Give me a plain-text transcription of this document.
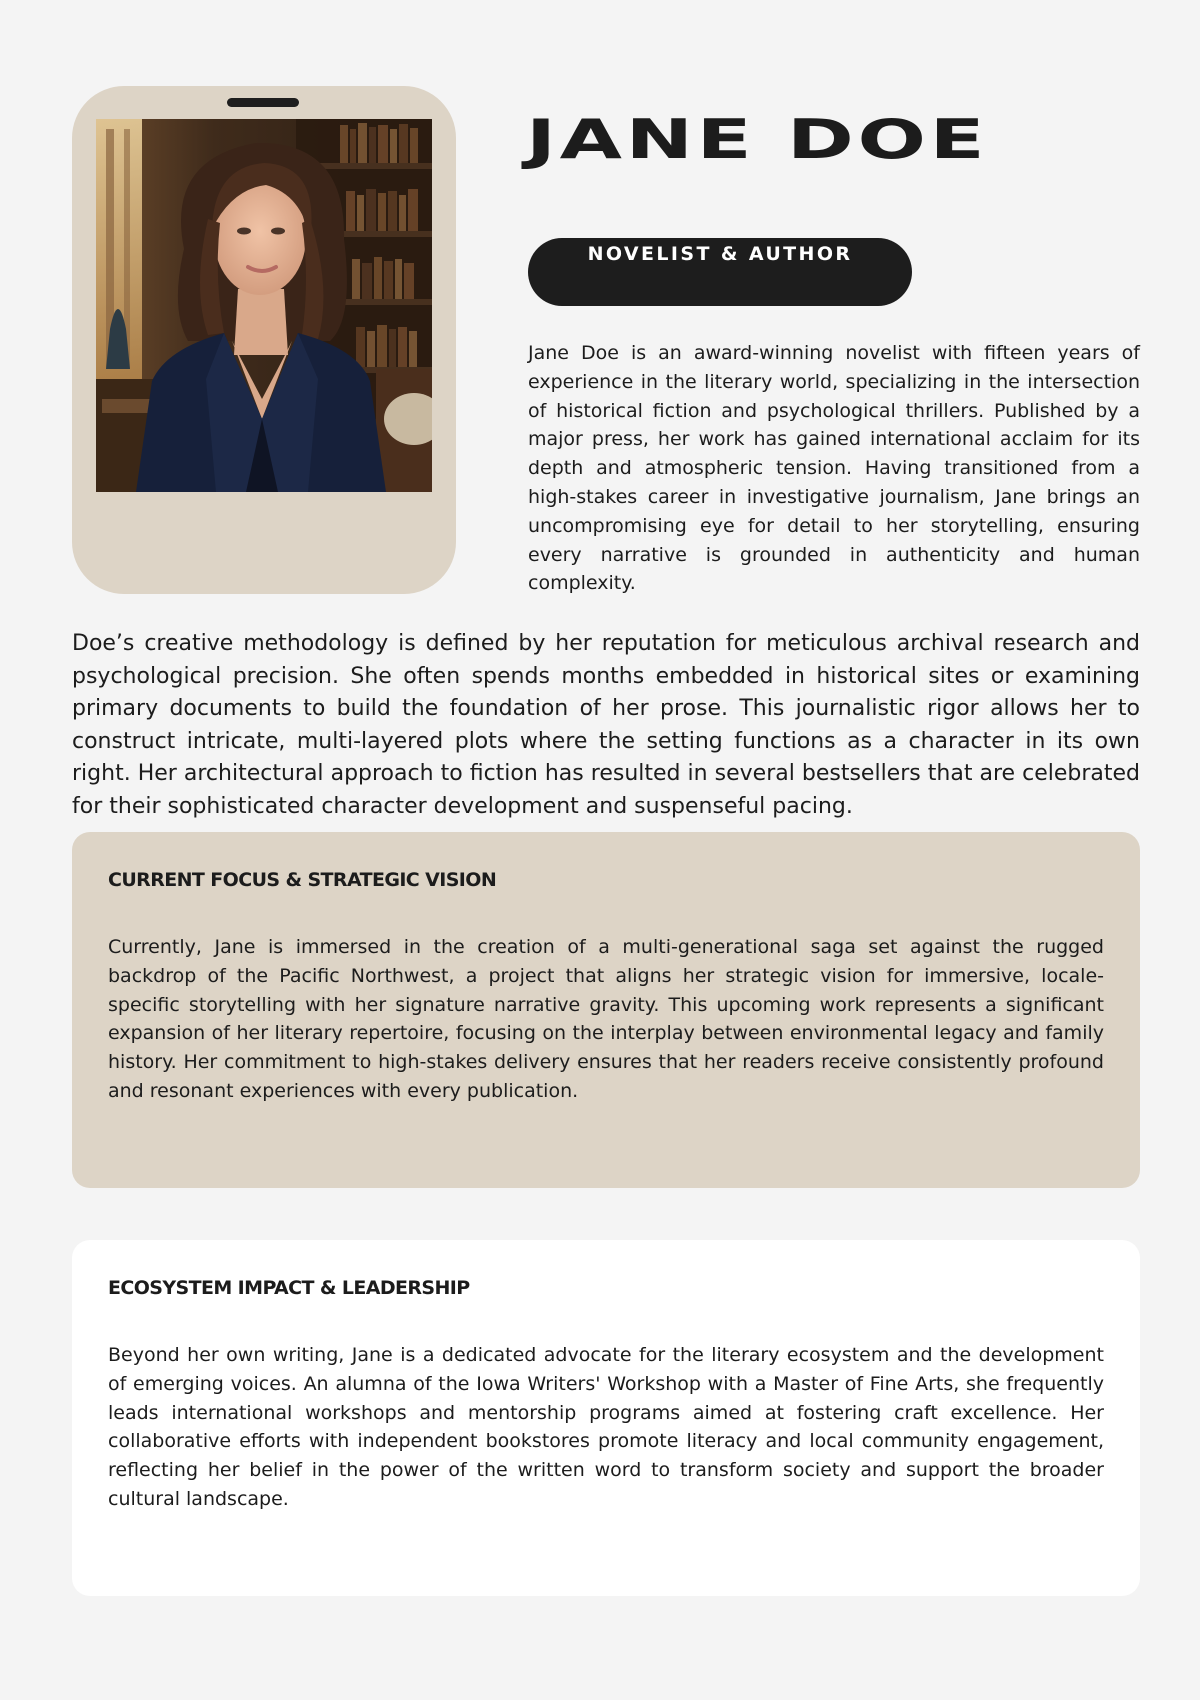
JANE DOE
NOVELIST & AUTHOR

Jane Doe is an award-winning novelist with fifteen years of experience in the literary world, specializing in the intersection of historical fiction and psychological thrillers. Published by a major press, her work has gained international acclaim for its depth and atmospheric tension. Having transitioned from a high-stakes career in investigative journalism, Jane brings an uncompromising eye for detail to her storytelling, ensuring every narrative is grounded in authenticity and human complexity.

Doe’s creative methodology is defined by her reputation for meticulous archival research and psychological precision. She often spends months embedded in historical sites or examining primary documents to build the foundation of her prose. This journalistic rigor allows her to construct intricate, multi-layered plots where the setting functions as a character in its own right. Her architectural approach to fiction has resulted in several bestsellers that are celebrated for their sophisticated character development and suspenseful pacing.

CURRENT FOCUS & STRATEGIC VISION

Currently, Jane is immersed in the creation of a multi-generational saga set against the rugged backdrop of the Pacific Northwest, a project that aligns her strategic vision for immersive, locale-specific storytelling with her signature narrative gravity. This upcoming work represents a significant expansion of her literary repertoire, focusing on the interplay between environmental legacy and family history. Her commitment to high-stakes delivery ensures that her readers receive consistently profound and resonant experiences with every publication.

ECOSYSTEM IMPACT & LEADERSHIP

Beyond her own writing, Jane is a dedicated advocate for the literary ecosystem and the development of emerging voices. An alumna of the Iowa Writers' Workshop with a Master of Fine Arts, she frequently leads international workshops and mentorship programs aimed at fostering craft excellence. Her collaborative efforts with independent bookstores promote literacy and local community engagement, reflecting her belief in the power of the written word to transform society and support the broader cultural landscape.
